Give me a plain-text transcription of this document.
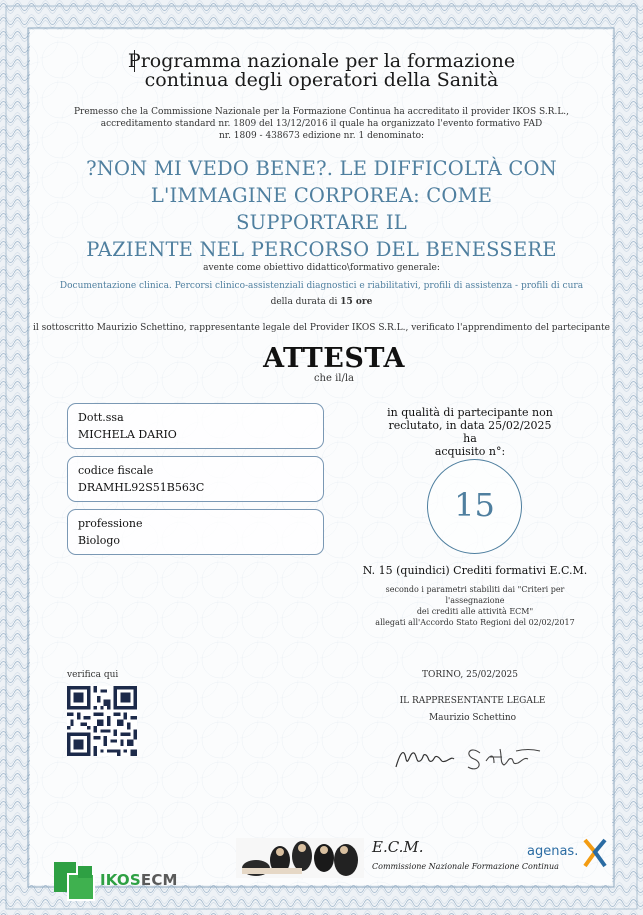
Programma nazionale per la formazione
continua degli operatori della Sanità
Premesso che la Commissione Nazionale per la Formazione Continua ha accreditato il provider IKOS S.R.L.,
accreditamento standard nr. 1809 del 13/12/2016 il quale ha organizzato l'evento formativo FAD
nr. 1809 - 438673 edizione nr. 1 denominato:
?NON MI VEDO BENE?. LE DIFFICOLTÀ CON
L'IMMAGINE CORPOREA: COME SUPPORTARE IL
PAZIENTE NEL PERCORSO DEL BENESSERE
avente come obiettivo didattico\formativo generale:
Documentazione clinica. Percorsi clinico-assistenziali diagnostici e riabilitativi, profili di assistenza - profili di cura
della durata di 15 ore
il sottoscritto Maurizio Schettino, rappresentante legale del Provider IKOS S.R.L., verificato l'apprendimento del partecipante
ATTESTA
che il/la
Dott.ssa
MICHELA DARIO
codice fiscale
DRAMHL92S51B563C
professione
Biologo
in qualità di partecipante non
reclutato, in data 25/02/2025 ha
acquisito n°:
15
N. 15 (quindici) Crediti formativi E.C.M.
secondo i parametri stabiliti dai "Criteri per
l'assegnazione
dei crediti alle attività ECM"
allegati all'Accordo Stato Regioni del 02/02/2017
verifica qui	TORINO, 25/02/2025
IL RAPPRESENTANTE LEGALE
Maurizio Schettino
IKOSECM
E.C.M.
Commissione Nazionale Formazione Continua
agenas.
